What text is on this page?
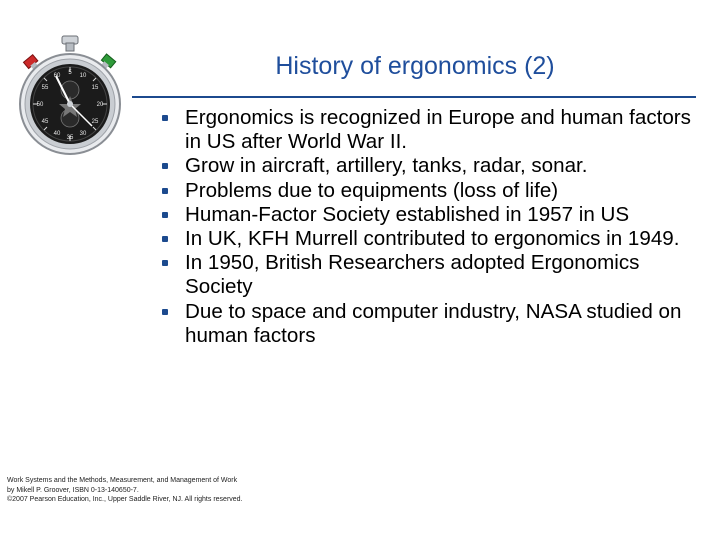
10
15
20
25
30
35
40
45
50
55
60 5	History of ergonomics (2)
Ergonomics is recognized in Europe and human factors in US after World War II.
Grow in aircraft, artillery, tanks, radar, sonar.
Problems due to equipments (loss of life)
Human-Factor Society established in 1957 in US
In UK, KFH Murrell contributed to ergonomics in 1949.
In 1950, British Researchers adopted Ergonomics Society
Due to space and computer industry, NASA studied on human factors
Work Systems and the Methods, Measurement, and Management of Work
by Mikell P. Groover, ISBN 0-13-140650-7.
©2007 Pearson Education, Inc., Upper Saddle River, NJ. All rights reserved.
